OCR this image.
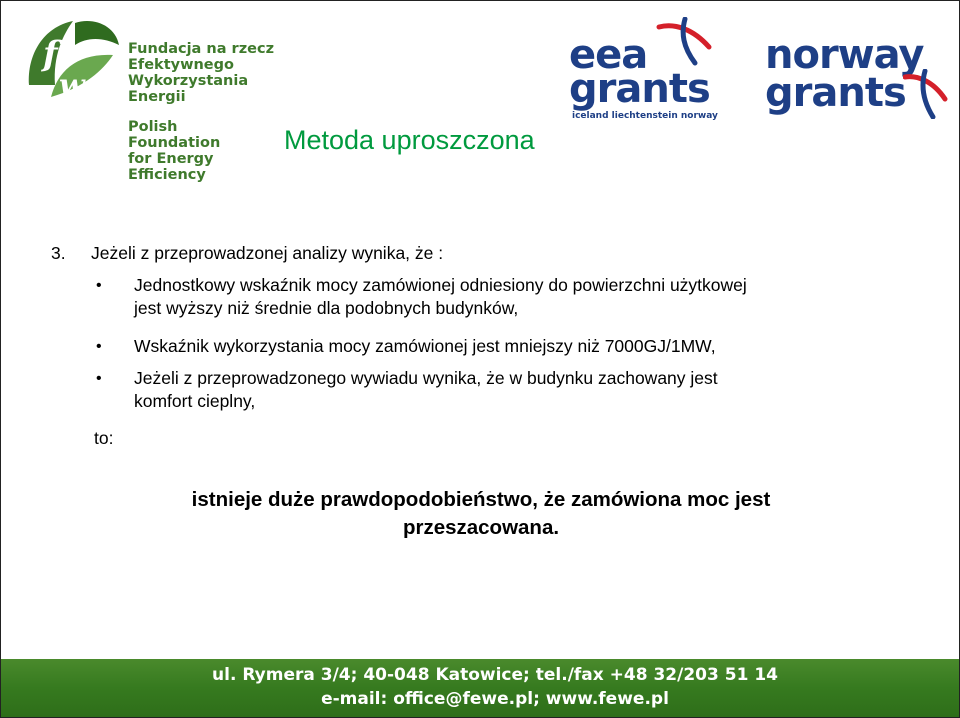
fe
we
Fundacja na rzecz
Efektywnego
Wykorzystania
Energii
Polish
Foundation
for Energy
Efficiency
eea
grants
iceland liechtenstein norway
norway
grants
Metoda uproszczona
3. Jeżeli z przeprowadzonej analizy wynika, że :
• Jednostkowy wskaźnik mocy zamówionej odniesiony do powierzchni użytkowej
jest wyższy niż średnie dla podobnych budynków,
• Wskaźnik wykorzystania mocy zamówionej jest mniejszy niż 7000GJ/1MW,
• Jeżeli z przeprowadzonego wywiadu wynika, że w budynku zachowany jest
komfort cieplny,
to:
istnieje duże prawdopodobieństwo, że zamówiona moc jest
przeszacowana.
ul. Rymera 3/4; 40-048 Katowice; tel./fax +48 32/203 51 14
e-mail: office@fewe.pl; www.fewe.pl
